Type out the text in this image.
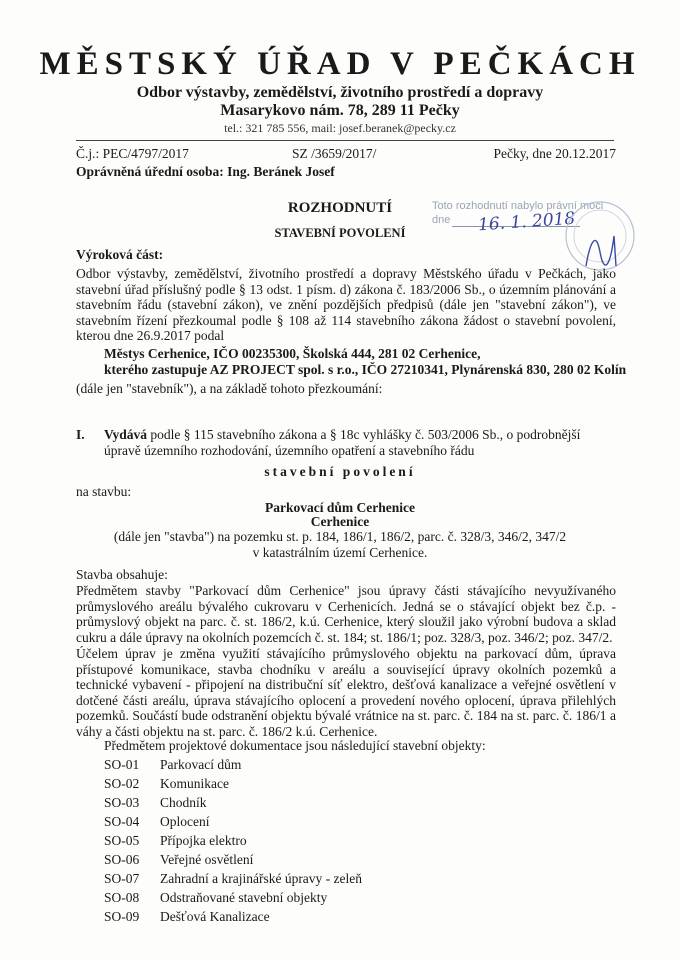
MĚSTSKÝ ÚŘAD V PEČKÁCH
Odbor výstavby, zemědělství, životního prostředí a dopravy
Masarykovo nám. 78, 289 11 Pečky
tel.: 321 785 556, mail: josef.beranek@pecky.cz
Č.j.: PEC/4797/2017	SZ /3659/2017/	Pečky, dne 20.12.2017
Oprávněná úřední osoba: Ing. Beránek Josef
ROZHODNUTÍ
STAVEBNÍ POVOLENÍ
Toto rozhodnutí nabylo právní moci
dne 16. 1. 2018
Výroková část:
Odbor výstavby, zemědělství, životního prostředí a dopravy Městského úřadu v Pečkách, jako stavební úřad příslušný podle § 13 odst. 1 písm. d) zákona č. 183/2006 Sb., o územním plánování a stavebním řádu (stavební zákon), ve znění pozdějších předpisů (dále jen "stavební zákon"), ve stavebním řízení přezkoumal podle § 108 až 114 stavebního zákona žádost o stavební povolení, kterou dne 26.9.2017 podal
Městys Cerhenice, IČO 00235300, Školská 444, 281 02 Cerhenice,
kterého zastupuje AZ PROJECT spol. s r.o., IČO 27210341, Plynárenská 830, 280 02 Kolín
(dále jen "stavebník"), a na základě tohoto přezkoumání:
I. Vydává podle § 115 stavebního zákona a § 18c vyhlášky č. 503/2006 Sb., o podrobnější úpravě územního rozhodování, územního opatření a stavebního řádu
stavební povolení
na stavbu:
Parkovací dům Cerhenice
Cerhenice
(dále jen "stavba") na pozemku st. p. 184, 186/1, 186/2, parc. č. 328/3, 346/2, 347/2 v katastrálním území Cerhenice.
Stavba obsahuje:
Předmětem stavby "Parkovací dům Cerhenice" jsou úpravy části stávajícího nevyužívaného průmyslového areálu bývalého cukrovaru v Cerhenicích. Jedná se o stávající objekt bez č.p. - průmyslový objekt na parc. č. st. 186/2, k.ú. Cerhenice, který sloužil jako výrobní budova a sklad cukru a dále úpravy na okolních pozemcích č. st. 184; st. 186/1; poz. 328/3, poz. 346/2; poz. 347/2.
Účelem úprav je změna využití stávajícího průmyslového objektu na parkovací dům, úprava přístupové komunikace, stavba chodníku v areálu a související úpravy okolních pozemků a technické vybavení - připojení na distribuční síť elektro, dešťová kanalizace a veřejné osvětlení v dotčené části areálu, úprava stávajícího oplocení a provedení nového oplocení, úprava přilehlých pozemků. Součástí bude odstranění objektu bývalé vrátnice na st. parc. č. 184 na st. parc. č. 186/1 a váhy a části objektu na st. parc. č. 186/2 k.ú. Cerhenice.
Předmětem projektové dokumentace jsou následující stavební objekty:
SO-01 Parkovací dům
SO-02 Komunikace
SO-03 Chodník
SO-04 Oplocení
SO-05 Přípojka elektro
SO-06 Veřejné osvětlení
SO-07 Zahradní a krajinářské úpravy - zeleň
SO-08 Odstraňované stavební objekty
SO-09 Dešťová Kanalizace
